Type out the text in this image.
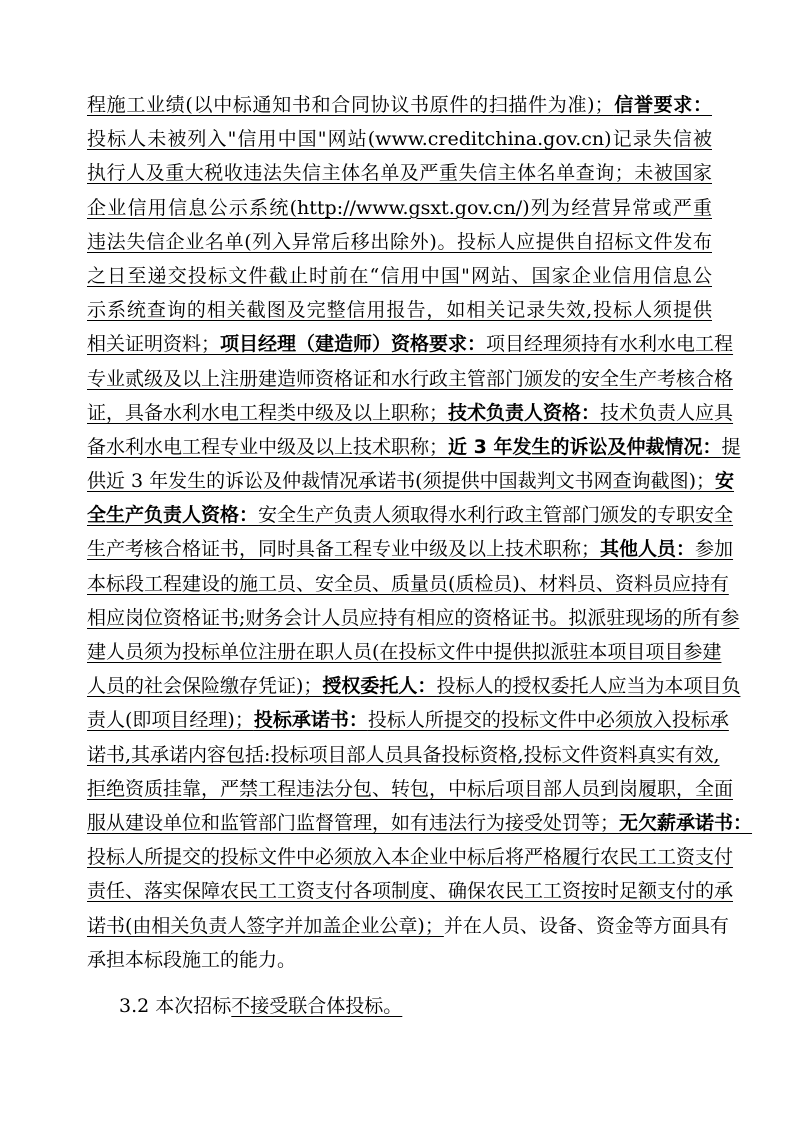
程施工业绩(以中标通知书和合同协议书原件的扫描件为准)；信誉要求：
投标人未被列入"信用中国"网站(www.creditchina.gov.cn)记录失信被
执行人及重大税收违法失信主体名单及严重失信主体名单查询；未被国家
企业信用信息公示系统(http://www.gsxt.gov.cn/)列为经营异常或严重
违法失信企业名单(列入异常后移出除外)。投标人应提供自招标文件发布
之日至递交投标文件截止时前在“信用中国"网站、国家企业信用信息公
示系统查询的相关截图及完整信用报告，如相关记录失效,投标人须提供
相关证明资料；项目经理（建造师）资格要求：项目经理须持有水利水电工程
专业贰级及以上注册建造师资格证和水行政主管部门颁发的安全生产考核合格
证，具备水利水电工程类中级及以上职称；技术负责人资格：技术负责人应具
备水利水电工程专业中级及以上技术职称；近 3 年发生的诉讼及仲裁情况：提
供近 3 年发生的诉讼及仲裁情况承诺书(须提供中国裁判文书网查询截图)；安
全生产负责人资格：安全生产负责人须取得水利行政主管部门颁发的专职安全
生产考核合格证书，同时具备工程专业中级及以上技术职称；其他人员：参加
本标段工程建设的施工员、安全员、质量员(质检员)、材料员、资料员应持有
相应岗位资格证书;财务会计人员应持有相应的资格证书。拟派驻现场的所有参
建人员须为投标单位注册在职人员(在投标文件中提供拟派驻本项目项目参建
人员的社会保险缴存凭证)；授权委托人：投标人的授权委托人应当为本项目负
责人(即项目经理)；投标承诺书：投标人所提交的投标文件中必须放入投标承
诺书,其承诺内容包括:投标项目部人员具备投标资格,投标文件资料真实有效,
拒绝资质挂靠，严禁工程违法分包、转包，中标后项目部人员到岗履职，全面
服从建设单位和监管部门监督管理，如有违法行为接受处罚等；无欠薪承诺书：
投标人所提交的投标文件中必须放入本企业中标后将严格履行农民工工资支付
责任、落实保障农民工工资支付各项制度、确保农民工工资按时足额支付的承
诺书(由相关负责人签字并加盖企业公章)；并在人员、设备、资金等方面具有
承担本标段施工的能力。
3.2 本次招标不接受联合体投标。
